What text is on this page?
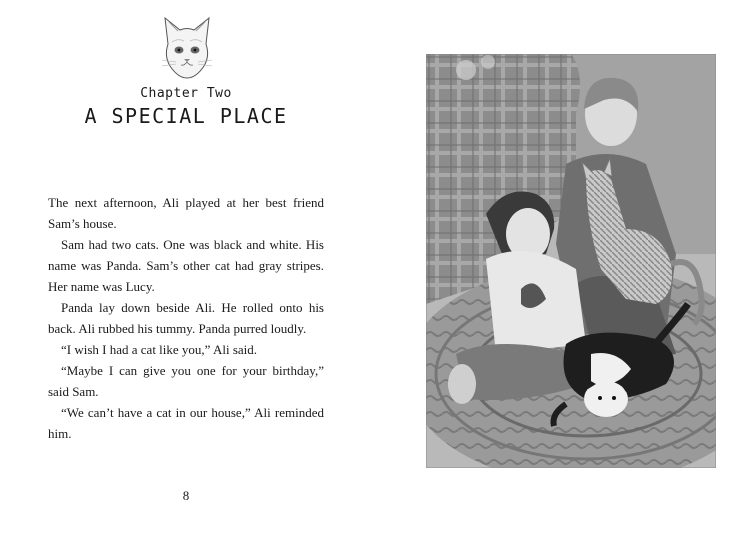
Chapter Two
A SPECIAL PLACE

The next afternoon, Ali played at her best friend Sam’s house.

Sam had two cats. One was black and white. His name was Panda. Sam’s other cat had gray stripes. Her name was Lucy.

Panda lay down beside Ali. He rolled onto his back. Ali rubbed his tummy. Panda purred loudly.

“I wish I had a cat like you,” Ali said.

“Maybe I can give you one for your birthday,” said Sam.

“We can’t have a cat in our house,” Ali reminded him.

8
